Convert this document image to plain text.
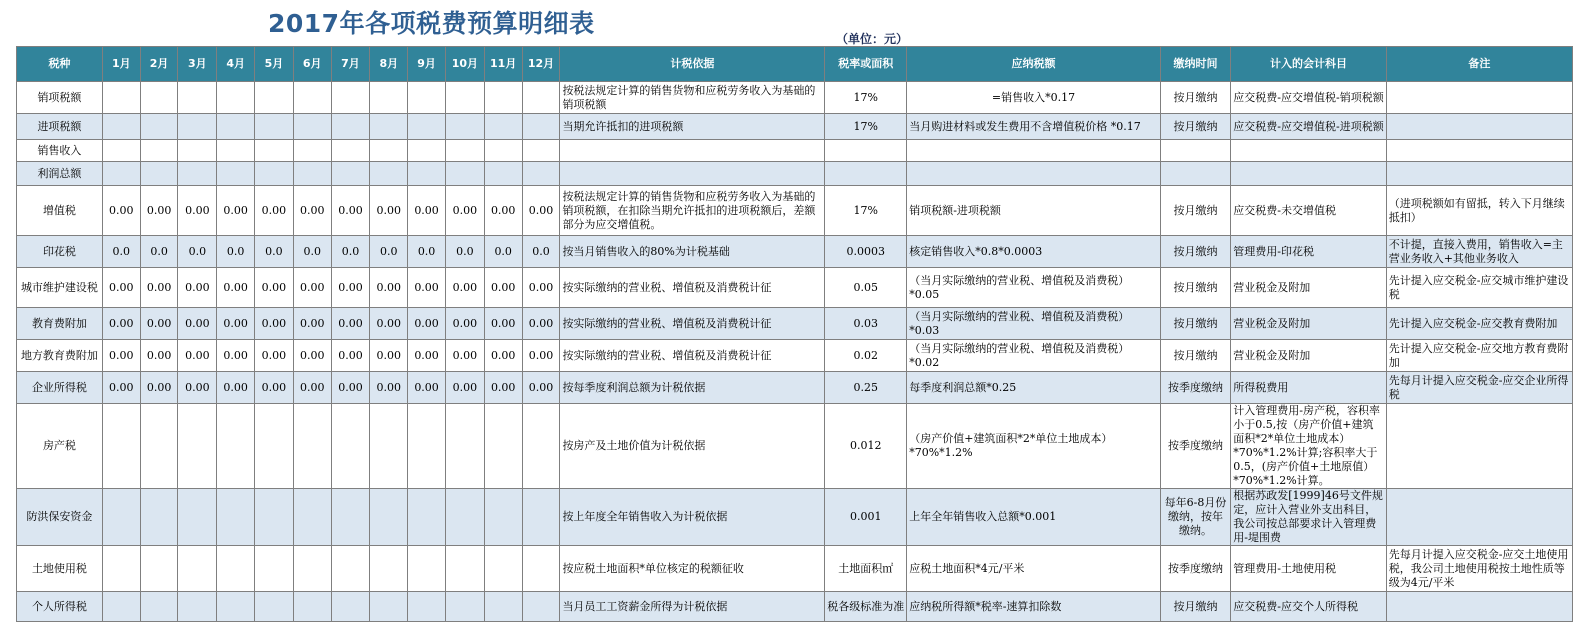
2017年各项税费预算明细表
（单位：元）
税种	1月	2月	3月	4月	5月	6月	7月	8月	9月	10月	11月	12月	计税依据	税率或面积	应纳税额	缴纳时间	计入的会计科目	备注
销项税额													按税法规定计算的销售货物和应税劳务收入为基础的销项税额	17%	=销售收入*0.17	按月缴纳	应交税费-应交增值税-销项税额	
进项税额													当期允许抵扣的进项税额	17%	当月购进材料或发生费用不含增值税价格 *0.17	按月缴纳	应交税费-应交增值税-进项税额	
销售收入																		
利润总额																		
增值税	0.00	0.00	0.00	0.00	0.00	0.00	0.00	0.00	0.00	0.00	0.00	0.00	按税法规定计算的销售货物和应税劳务收入为基础的销项税额，在扣除当期允许抵扣的进项税额后，差额部分为应交增值税。	17%	销项税额-进项税额	按月缴纳	应交税费-未交增值税	（进项税额如有留抵，转入下月继续抵扣）
印花税	0.0	0.0	0.0	0.0	0.0	0.0	0.0	0.0	0.0	0.0	0.0	0.0	按当月销售收入的80%为计税基础	0.0003	核定销售收入*0.8*0.0003	按月缴纳	管理费用-印花税	不计提，直接入费用，销售收入=主营业务收入+其他业务收入
城市维护建设税	0.00	0.00	0.00	0.00	0.00	0.00	0.00	0.00	0.00	0.00	0.00	0.00	按实际缴纳的营业税、增值税及消费税计征	0.05	（当月实际缴纳的营业税、增值税及消费税）*0.05	按月缴纳	营业税金及附加	先计提入应交税金-应交城市维护建设税
教育费附加	0.00	0.00	0.00	0.00	0.00	0.00	0.00	0.00	0.00	0.00	0.00	0.00	按实际缴纳的营业税、增值税及消费税计征	0.03	（当月实际缴纳的营业税、增值税及消费税）*0.03	按月缴纳	营业税金及附加	先计提入应交税金-应交教育费附加
地方教育费附加	0.00	0.00	0.00	0.00	0.00	0.00	0.00	0.00	0.00	0.00	0.00	0.00	按实际缴纳的营业税、增值税及消费税计征	0.02	（当月实际缴纳的营业税、增值税及消费税）*0.02	按月缴纳	营业税金及附加	先计提入应交税金-应交地方教育费附加
企业所得税	0.00	0.00	0.00	0.00	0.00	0.00	0.00	0.00	0.00	0.00	0.00	0.00	按每季度利润总额为计税依据	0.25	每季度利润总额*0.25	按季度缴纳	所得税费用	先每月计提入应交税金-应交企业所得税
房产税													按房产及土地价值为计税依据	0.012	（房产价值+建筑面积*2*单位土地成本）*70%*1.2%	按季度缴纳	计入管理费用-房产税，容积率小于0.5,按（房产价值+建筑面积*2*单位土地成本）*70%*1.2%计算;容积率大于0.5，(房产价值+土地原值）*70%*1.2%计算。	
防洪保安资金													按上年度全年销售收入为计税依据	0.001	上年全年销售收入总额*0.001	每年6-8月份缴纳，按年缴纳。	根据苏政发[1999]46号文件规定，应计入营业外支出科目，我公司按总部要求计入管理费用-堤围费	
土地使用税													按应税土地面积*单位核定的税额征收	土地面积㎡	应税土地面积*4元/平米	按季度缴纳	管理费用-土地使用税	先每月计提入应交税金-应交土地使用税，我公司土地使用税按土地性质等级为4元/平米
个人所得税													当月员工工资薪金所得为计税依据	税各级标准为准	应纳税所得额*税率-速算扣除数	按月缴纳	应交税费-应交个人所得税	
